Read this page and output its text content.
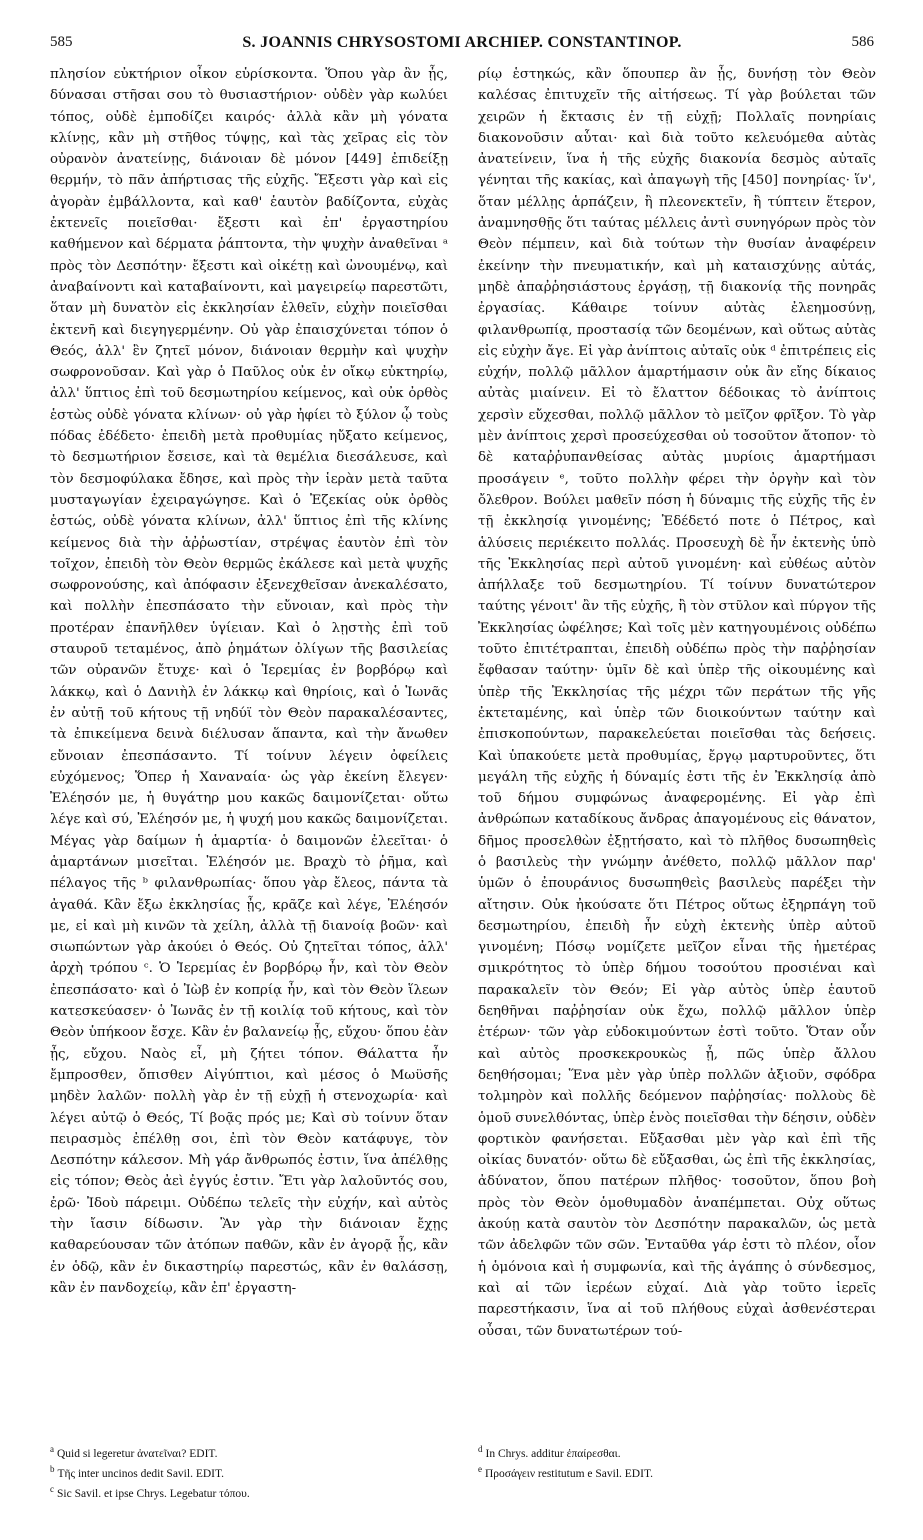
585	S. JOANNIS CHRYSOSTOMI ARCHIEP. CONSTANTINOP.	586

πλησίον εὐκτήριον οἶκον εὑρίσκοντα. Ὅπου γὰρ ἂν ᾖς, δύνασαι στῆσαι σου τὸ θυσιαστήριον· οὐδὲν γὰρ κωλύει τόπος, οὐδὲ ἐμποδίζει καιρός· ἀλλὰ κἂν μὴ γόνατα κλίνῃς, κἂν μὴ στῆθος τύψῃς, καὶ τὰς χεῖρας εἰς τὸν οὐρανὸν ἀνατείνῃς, διάνοιαν δὲ μόνον [449] ἐπιδείξῃ θερμήν, τὸ πᾶν ἀπήρτισας τῆς εὐχῆς. Ἔξεστι γὰρ καὶ εἰς ἀγορὰν ἐμβάλλοντα, καὶ καθ' ἑαυτὸν βαδίζοντα, εὐχὰς ἐκτενεῖς ποιεῖσθαι· ἔξεστι καὶ ἐπ' ἐργαστηρίου καθήμενον καὶ δέρματα ῥάπτοντα, τὴν ψυχὴν ἀναθεῖναι ᵃ πρὸς τὸν Δεσπότην· ἔξεστι καὶ οἰκέτῃ καὶ ὠνουμένῳ, καὶ ἀναβαίνοντι καὶ καταβαίνοντι, καὶ μαγειρείῳ παρεστῶτι, ὅταν μὴ δυνατὸν εἰς ἐκκλησίαν ἐλθεῖν, εὐχὴν ποιεῖσθαι ἐκτενῆ καὶ διεγηγερμένην. Οὐ γὰρ ἐπαισχύνεται τόπον ὁ Θεός, ἀλλ' ἓν ζητεῖ μόνον, διάνοιαν θερμὴν καὶ ψυχὴν σωφρονοῦσαν. Καὶ γὰρ ὁ Παῦλος οὐκ ἐν οἴκῳ εὐκτηρίῳ, ἀλλ' ὕπτιος ἐπὶ τοῦ δεσμωτηρίου κείμενος, καὶ οὐκ ὀρθὸς ἑστὼς οὐδὲ γόνατα κλίνων· οὐ γὰρ ἠφίει τὸ ξύλον ᾧ τοὺς πόδας ἐδέδετο· ἐπειδὴ μετὰ προθυμίας ηὔξατο κείμενος, τὸ δεσμωτήριον ἔσεισε, καὶ τὰ θεμέλια διεσάλευσε, καὶ τὸν δεσμοφύλακα ἔδησε, καὶ πρὸς τὴν ἱερὰν μετὰ ταῦτα μυσταγωγίαν ἐχειραγώγησε. Καὶ ὁ Ἐζεκίας οὐκ ὀρθὸς ἑστώς, οὐδὲ γόνατα κλίνων, ἀλλ' ὕπτιος ἐπὶ τῆς κλίνης κείμενος διὰ τὴν ἀῤῥωστίαν, στρέψας ἑαυτὸν ἐπὶ τὸν τοῖχον, ἐπειδὴ τὸν Θεὸν θερμῶς ἐκάλεσε καὶ μετὰ ψυχῆς σωφρονούσης, καὶ ἀπόφασιν ἐξενεχθεῖσαν ἀνεκαλέσατο, καὶ πολλὴν ἐπεσπάσατο τὴν εὔνοιαν, καὶ πρὸς τὴν προτέραν ἐπανῆλθεν ὑγίειαν. Καὶ ὁ λῃστὴς ἐπὶ τοῦ σταυροῦ τεταμένος, ἀπὸ ῥημάτων ὀλίγων τῆς βασιλείας τῶν οὐρανῶν ἔτυχε· καὶ ὁ Ἱερεμίας ἐν βορβόρῳ καὶ λάκκῳ, καὶ ὁ Δανιὴλ ἐν λάκκῳ καὶ θηρίοις, καὶ ὁ Ἰωνᾶς ἐν αὐτῇ τοῦ κήτους τῇ νηδύϊ τὸν Θεὸν παρακαλέσαντες, τὰ ἐπικείμενα δεινὰ διέλυσαν ἅπαντα, καὶ τὴν ἄνωθεν εὔνοιαν ἐπεσπάσαντο. Τί τοίνυν λέγειν ὀφείλεις εὐχόμενος; Ὅπερ ἡ Χαναναία· ὡς γὰρ ἐκείνη ἔλεγεν· Ἐλέησόν με, ἡ θυγάτηρ μου κακῶς δαιμονίζεται· οὕτω λέγε καὶ σύ, Ἐλέησόν με, ἡ ψυχή μου κακῶς δαιμονίζεται. Μέγας γὰρ δαίμων ἡ ἁμαρτία· ὁ δαιμονῶν ἐλεεῖται· ὁ ἁμαρτάνων μισεῖται. Ἐλέησόν με. Βραχὺ τὸ ῥῆμα, καὶ πέλαγος τῆς ᵇ φιλανθρωπίας· ὅπου γὰρ ἔλεος, πάντα τὰ ἀγαθά. Κἂν ἔξω ἐκκλησίας ᾖς, κρᾶζε καὶ λέγε, Ἐλέησόν με, εἰ καὶ μὴ κινῶν τὰ χείλη, ἀλλὰ τῇ διανοίᾳ βοῶν· καὶ σιωπώντων γὰρ ἀκούει ὁ Θεός. Οὐ ζητεῖται τόπος, ἀλλ' ἀρχὴ τρόπου ᶜ. Ὁ Ἱερεμίας ἐν βορβόρῳ ἦν, καὶ τὸν Θεὸν ἐπεσπάσατο· καὶ ὁ Ἰὼβ ἐν κοπρίᾳ ἦν, καὶ τὸν Θεὸν ἵλεων κατεσκεύασεν· ὁ Ἰωνᾶς ἐν τῇ κοιλίᾳ τοῦ κήτους, καὶ τὸν Θεὸν ὑπήκοον ἔσχε. Κἂν ἐν βαλανείῳ ᾖς, εὔχου· ὅπου ἐὰν ᾖς, εὔχου. Ναὸς εἶ, μὴ ζήτει τόπον. Θάλαττα ἦν ἔμπροσθεν, ὄπισθεν Αἰγύπτιοι, καὶ μέσος ὁ Μωϋσῆς μηδὲν λαλῶν· πολλὴ γὰρ ἐν τῇ εὐχῇ ἡ στενοχωρία· καὶ λέγει αὐτῷ ὁ Θεός, Τί βοᾷς πρός με; Καὶ σὺ τοίνυν ὅταν πειρασμὸς ἐπέλθῃ σοι, ἐπὶ τὸν Θεὸν κατάφυγε, τὸν Δεσπότην κάλεσον. Μὴ γάρ ἄνθρωπός ἐστιν, ἵνα ἀπέλθῃς εἰς τόπον; Θεὸς ἀεὶ ἐγγύς ἐστιν. Ἔτι γὰρ λαλοῦντός σου, ἐρῶ· Ἰδοὺ πάρειμι. Οὐδέπω τελεῖς τὴν εὐχήν, καὶ αὐτὸς τὴν ἴασιν δίδωσιν. Ἂν γὰρ τὴν διάνοιαν ἔχῃς καθαρεύουσαν τῶν ἀτόπων παθῶν, κἂν ἐν ἀγορᾷ ᾖς, κἂν ἐν ὁδῷ, κἂν ἐν δικαστηρίῳ παρεστώς, κἂν ἐν θαλάσσῃ, κἂν ἐν πανδοχείῳ, κἂν ἐπ' ἐργαστη-

ρίῳ ἑστηκώς, κἂν ὅπουπερ ἂν ᾖς, δυνήσῃ τὸν Θεὸν καλέσας ἐπιτυχεῖν τῆς αἰτήσεως. Τί γὰρ βούλεται τῶν χειρῶν ἡ ἔκτασις ἐν τῇ εὐχῇ; Πολλαῖς πονηρίαις διακονοῦσιν αὗται· καὶ διὰ τοῦτο κελευόμεθα αὐτὰς ἀνατείνειν, ἵνα ἡ τῆς εὐχῆς διακονία δεσμὸς αὐταῖς γένηται τῆς κακίας, καὶ ἀπαγωγὴ τῆς [450] πονηρίας· ἵν', ὅταν μέλλῃς ἁρπάζειν, ἢ πλεονεκτεῖν, ἢ τύπτειν ἕτερον, ἀναμνησθῇς ὅτι ταύτας μέλλεις ἀντὶ συνηγόρων πρὸς τὸν Θεὸν πέμπειν, καὶ διὰ τούτων τὴν θυσίαν ἀναφέρειν ἐκείνην τὴν πνευματικήν, καὶ μὴ καταισχύνῃς αὐτάς, μηδὲ ἀπαῤῥησιάστους ἐργάσῃ, τῇ διακονίᾳ τῆς πονηρᾶς ἐργασίας. Κάθαιρε τοίνυν αὐτὰς ἐλεημοσύνῃ, φιλανθρωπίᾳ, προστασίᾳ τῶν δεομένων, καὶ οὕτως αὐτὰς εἰς εὐχὴν ἄγε. Εἰ γὰρ ἀνίπτοις αὐταῖς οὐκ ᵈ ἐπιτρέπεις εἰς εὐχήν, πολλῷ μᾶλλον ἁμαρτήμασιν οὐκ ἂν εἴης δίκαιος αὐτὰς μιαίνειν. Εἰ τὸ ἔλαττον δέδοικας τὸ ἀνίπτοις χερσὶν εὔχεσθαι, πολλῷ μᾶλλον τὸ μεῖζον φρῖξον. Τὸ γὰρ μὲν ἀνίπτοις χερσὶ προσεύχεσθαι οὐ τοσοῦτον ἄτοπον· τὸ δὲ καταῤῥυπανθείσας αὐτὰς μυρίοις ἁμαρτήμασι προσάγειν ᵉ, τοῦτο πολλὴν φέρει τὴν ὀργὴν καὶ τὸν ὄλεθρον. Βούλει μαθεῖν πόση ἡ δύναμις τῆς εὐχῆς τῆς ἐν τῇ ἐκκλησίᾳ γινομένης; Ἐδέδετό ποτε ὁ Πέτρος, καὶ ἁλύσεις περιέκειτο πολλάς. Προσευχὴ δὲ ἦν ἐκτενὴς ὑπὸ τῆς Ἐκκλησίας περὶ αὐτοῦ γινομένη· καὶ εὐθέως αὐτὸν ἀπήλλαξε τοῦ δεσμωτηρίου. Τί τοίνυν δυνατώτερον ταύτης γένοιτ' ἂν τῆς εὐχῆς, ἢ τὸν στῦλον καὶ πύργον τῆς Ἐκκλησίας ὠφέλησε; Καὶ τοῖς μὲν κατηγουμένοις οὐδέπω τοῦτο ἐπιτέτραπται, ἐπειδὴ οὐδέπω πρὸς τὴν παῤῥησίαν ἔφθασαν ταύτην· ὑμῖν δὲ καὶ ὑπὲρ τῆς οἰκουμένης καὶ ὑπὲρ τῆς Ἐκκλησίας τῆς μέχρι τῶν περάτων τῆς γῆς ἐκτεταμένης, καὶ ὑπὲρ τῶν διοικούντων ταύτην καὶ ἐπισκοπούντων, παρακελεύεται ποιεῖσθαι τὰς δεήσεις. Καὶ ὑπακούετε μετὰ προθυμίας, ἔργῳ μαρτυροῦντες, ὅτι μεγάλη τῆς εὐχῆς ἡ δύναμίς ἐστι τῆς ἐν Ἐκκλησίᾳ ἀπὸ τοῦ δήμου συμφώνως ἀναφερομένης. Εἰ γὰρ ἐπὶ ἀνθρώπων καταδίκους ἄνδρας ἀπαγομένους εἰς θάνατον, δῆμος προσελθὼν ἐξῃτήσατο, καὶ τὸ πλῆθος δυσωπηθεὶς ὁ βασιλεὺς τὴν γνώμην ἀνέθετο, πολλῷ μᾶλλον παρ' ὑμῶν ὁ ἐπουράνιος δυσωπηθεὶς βασιλεὺς παρέξει τὴν αἴτησιν. Οὐκ ἠκούσατε ὅτι Πέτρος οὕτως ἐξηρπάγη τοῦ δεσμωτηρίου, ἐπειδὴ ἦν εὐχὴ ἐκτενὴς ὑπὲρ αὐτοῦ γινομένη; Πόσῳ νομίζετε μεῖζον εἶναι τῆς ἡμετέρας σμικρότητος τὸ ὑπὲρ δήμου τοσούτου προσιέναι καὶ παρακαλεῖν τὸν Θεόν; Εἰ γὰρ αὐτὸς ὑπὲρ ἑαυτοῦ δεηθῆναι παῤῥησίαν οὐκ ἔχω, πολλῷ μᾶλλον ὑπὲρ ἑτέρων· τῶν γὰρ εὐδοκιμούντων ἐστὶ τοῦτο. Ὅταν οὖν καὶ αὐτὸς προσκεκρουκὼς ᾖ, πῶς ὑπὲρ ἄλλου δεηθήσομαι; Ἕνα μὲν γὰρ ὑπὲρ πολλῶν ἀξιοῦν, σφόδρα τολμηρὸν καὶ πολλῆς δεόμενον παῤῥησίας· πολλοὺς δὲ ὁμοῦ συνελθόντας, ὑπὲρ ἑνὸς ποιεῖσθαι τὴν δέησιν, οὐδὲν φορτικὸν φανήσεται. Εὔξασθαι μὲν γὰρ καὶ ἐπὶ τῆς οἰκίας δυνατόν· οὕτω δὲ εὔξασθαι, ὡς ἐπὶ τῆς ἐκκλησίας, ἀδύνατον, ὅπου πατέρων πλῆθος· τοσοῦτον, ὅπου βοὴ πρὸς τὸν Θεὸν ὁμοθυμαδὸν ἀναπέμπεται. Οὐχ οὕτως ἀκούῃ κατὰ σαυτὸν τὸν Δεσπότην παρακαλῶν, ὡς μετὰ τῶν ἀδελφῶν τῶν σῶν. Ἐνταῦθα γάρ ἐστι τὸ πλέον, οἷον ἡ ὁμόνοια καὶ ἡ συμφωνία, καὶ τῆς ἀγάπης ὁ σύνδεσμος, καὶ αἱ τῶν ἱερέων εὐχαί. Διὰ γὰρ τοῦτο ἱερεῖς παρεστήκασιν, ἵνα αἱ τοῦ πλήθους εὐχαὶ ἀσθενέστεραι οὖσαι, τῶν δυνατωτέρων τού-

$^a$ Quid si legeretur ἀνατεῖναι? EDIT.
$^b$ Τῆς inter uncinos dedit Savil. EDIT.
$^c$ Sic Savil. et ipse Chrys. Legebatur τόπου.
$^d$ In Chrys. additur ἐπαίρεσθαι.
$^e$ Προσάγειν restitutum e Savil. EDIT.
